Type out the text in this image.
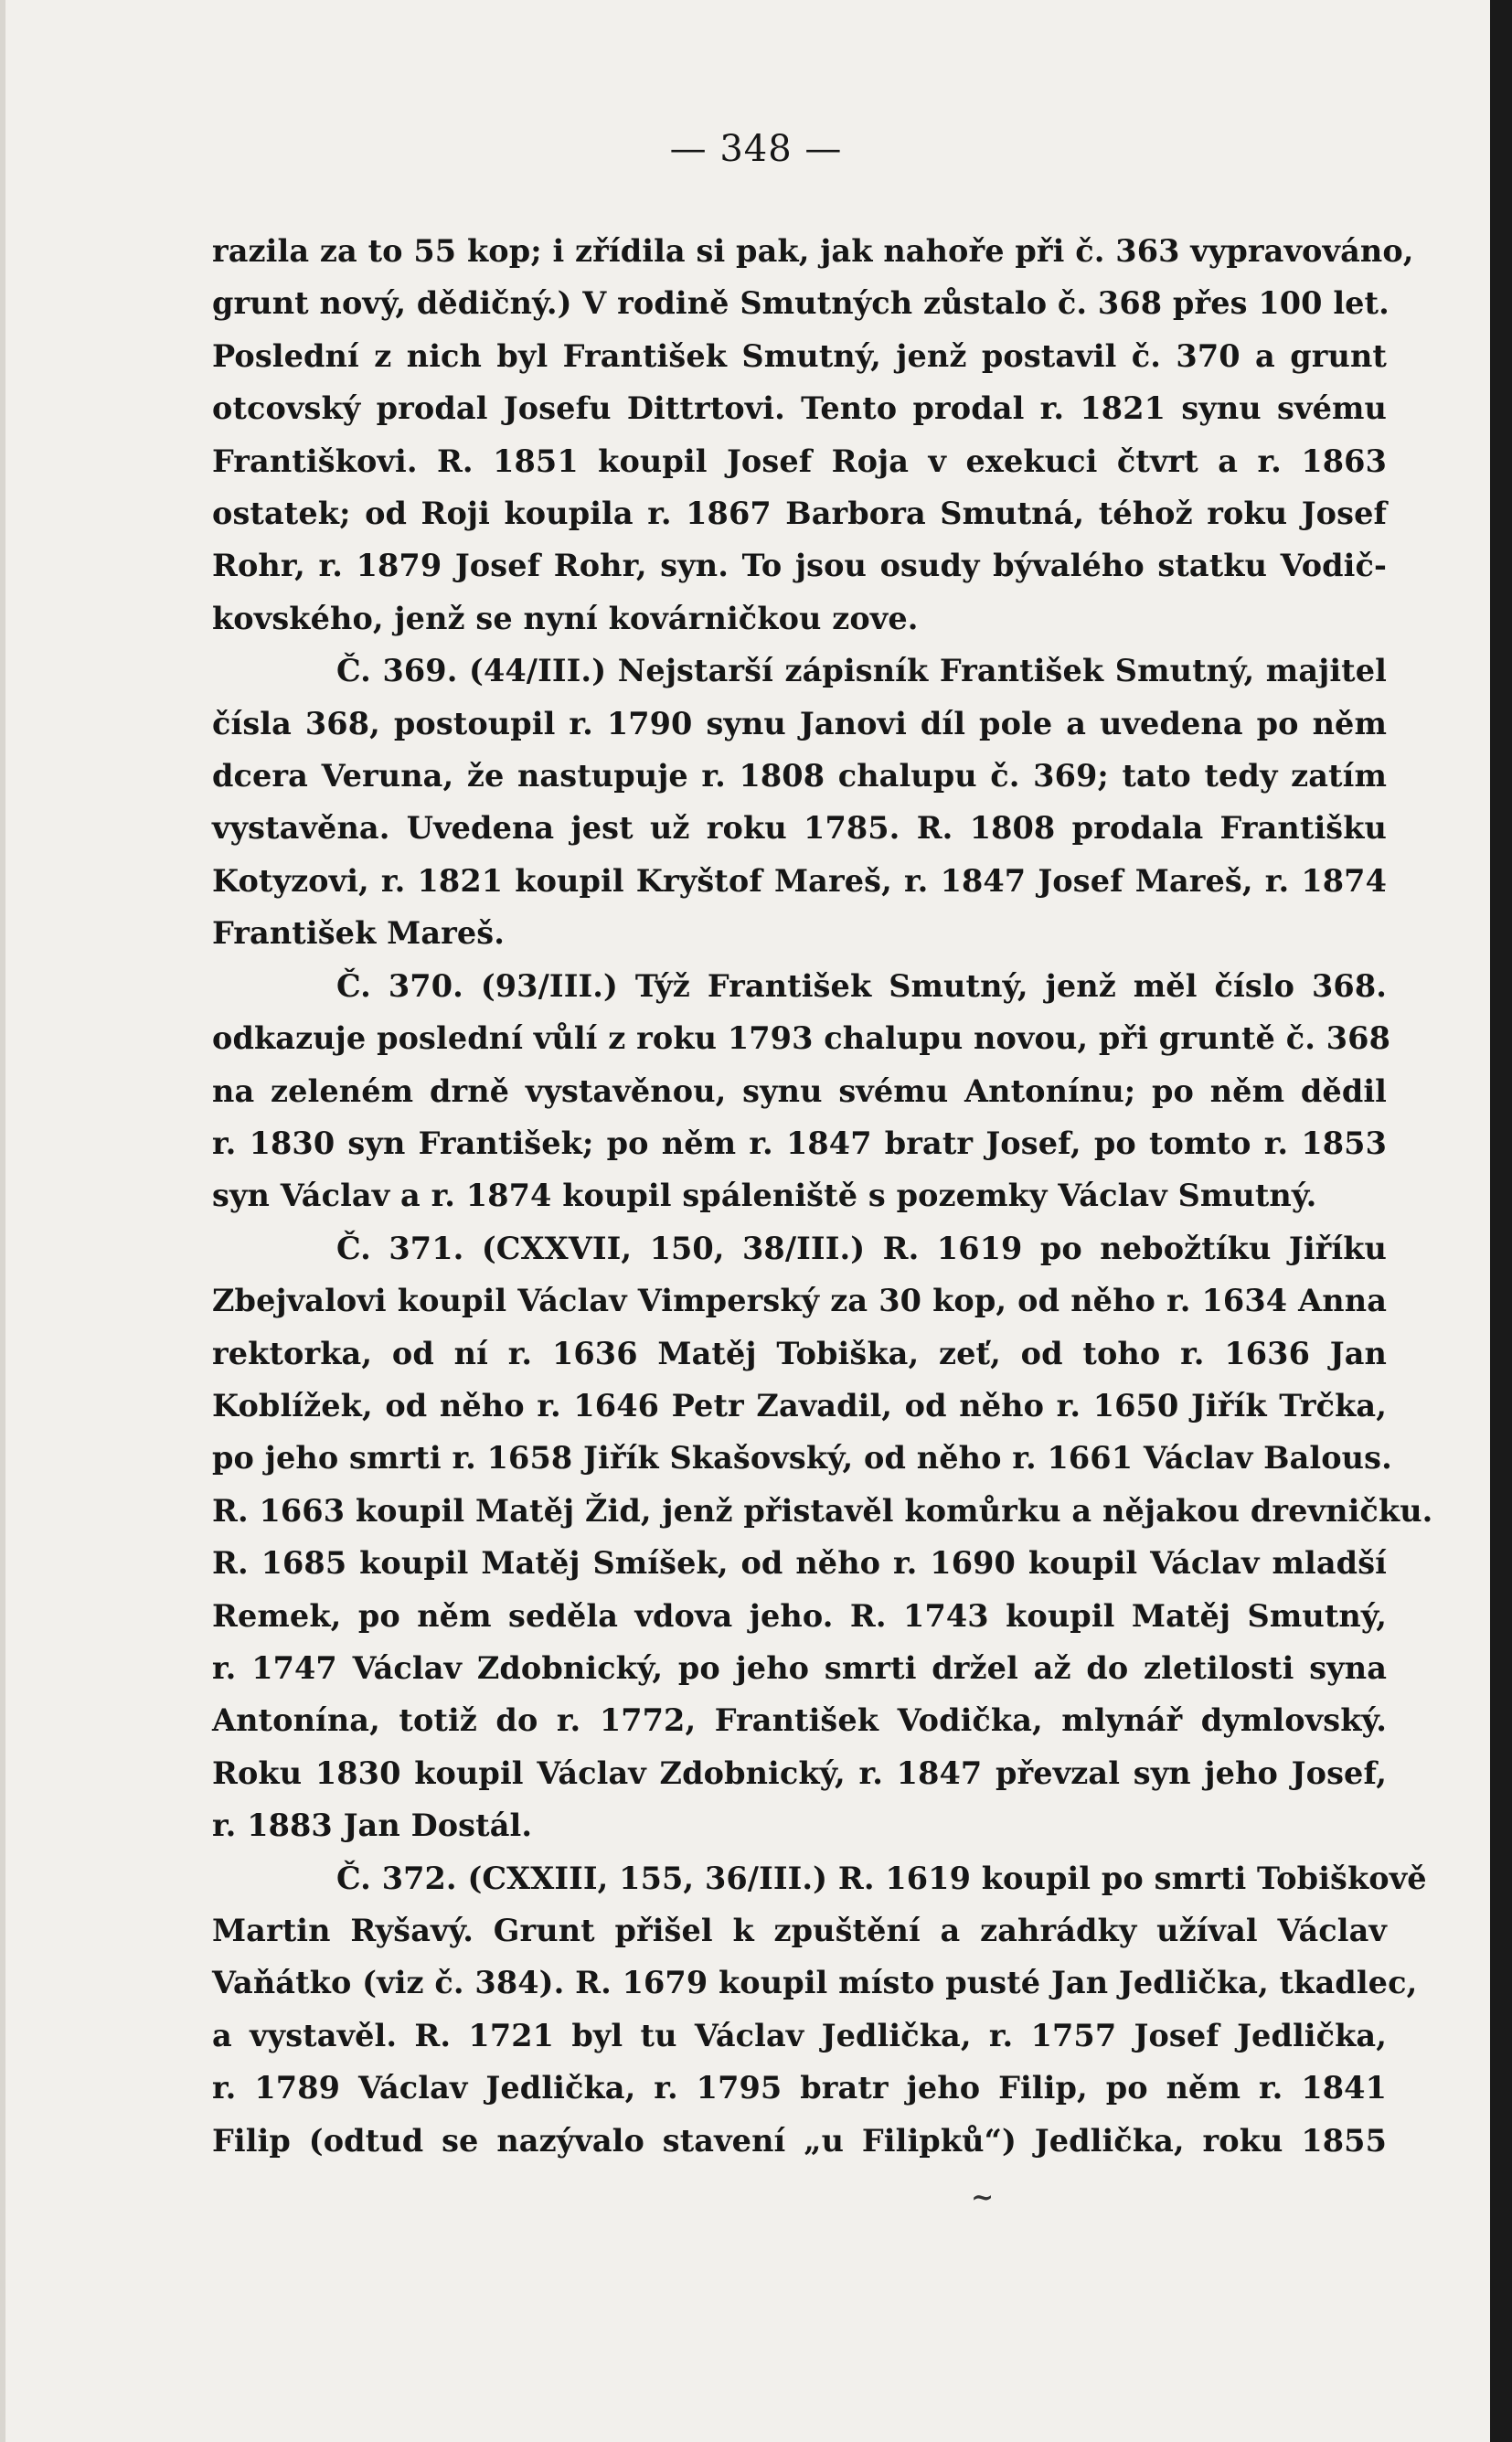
— 348 —
razila za to 55 kop; i zřídila si pak, jak nahoře při č. 363 vypravováno,
grunt nový, dědičný.) V rodině Smutných zůstalo č. 368 přes 100 let.
Poslední z nich byl František Smutný, jenž postavil č. 370 a grunt
otcovský prodal Josefu Dittrtovi. Tento prodal r. 1821 synu svému
Františkovi. R. 1851 koupil Josef Roja v exekuci čtvrt a r. 1863
ostatek; od Roji koupila r. 1867 Barbora Smutná, téhož roku Josef
Rohr, r. 1879 Josef Rohr, syn. To jsou osudy bývalého statku Vodič-
kovského, jenž se nyní kovárničkou zove.
Č. 369. (44/III.) Nejstarší zápisník František Smutný, majitel
čísla 368, postoupil r. 1790 synu Janovi díl pole a uvedena po něm
dcera Veruna, že nastupuje r. 1808 chalupu č. 369; tato tedy zatím
vystavěna. Uvedena jest už roku 1785. R. 1808 prodala Františku
Kotyzovi, r. 1821 koupil Kryštof Mareš, r. 1847 Josef Mareš, r. 1874
František Mareš.
Č. 370. (93/III.) Týž František Smutný, jenž měl číslo 368.
odkazuje poslední vůlí z roku 1793 chalupu novou, při gruntě č. 368
na zeleném drně vystavěnou, synu svému Antonínu; po něm dědil
r. 1830 syn František; po něm r. 1847 bratr Josef, po tomto r. 1853
syn Václav a r. 1874 koupil spáleniště s pozemky Václav Smutný.
Č. 371. (CXXVII, 150, 38/III.) R. 1619 po nebožtíku Jiříku
Zbejvalovi koupil Václav Vimperský za 30 kop, od něho r. 1634 Anna
rektorka, od ní r. 1636 Matěj Tobiška, zeť, od toho r. 1636 Jan
Koblížek, od něho r. 1646 Petr Zavadil, od něho r. 1650 Jiřík Trčka,
po jeho smrti r. 1658 Jiřík Skašovský, od něho r. 1661 Václav Balous.
R. 1663 koupil Matěj Žid, jenž přistavěl komůrku a nějakou drevničku.
R. 1685 koupil Matěj Smíšek, od něho r. 1690 koupil Václav mladší
Remek, po něm seděla vdova jeho. R. 1743 koupil Matěj Smutný,
r. 1747 Václav Zdobnický, po jeho smrti držel až do zletilosti syna
Antonína, totiž do r. 1772, František Vodička, mlynář dymlovský.
Roku 1830 koupil Václav Zdobnický, r. 1847 převzal syn jeho Josef,
r. 1883 Jan Dostál.
Č. 372. (CXXIII, 155, 36/III.) R. 1619 koupil po smrti Tobiškově
Martin Ryšavý. Grunt přišel k zpuštění a zahrádky užíval Václav
Vaňátko (viz č. 384). R. 1679 koupil místo pusté Jan Jedlička, tkadlec,
a vystavěl. R. 1721 byl tu Václav Jedlička, r. 1757 Josef Jedlička,
r. 1789 Václav Jedlička, r. 1795 bratr jeho Filip, po něm r. 1841
Filip (odtud se nazývalo stavení „u Filipků“) Jedlička, roku 1855
~
